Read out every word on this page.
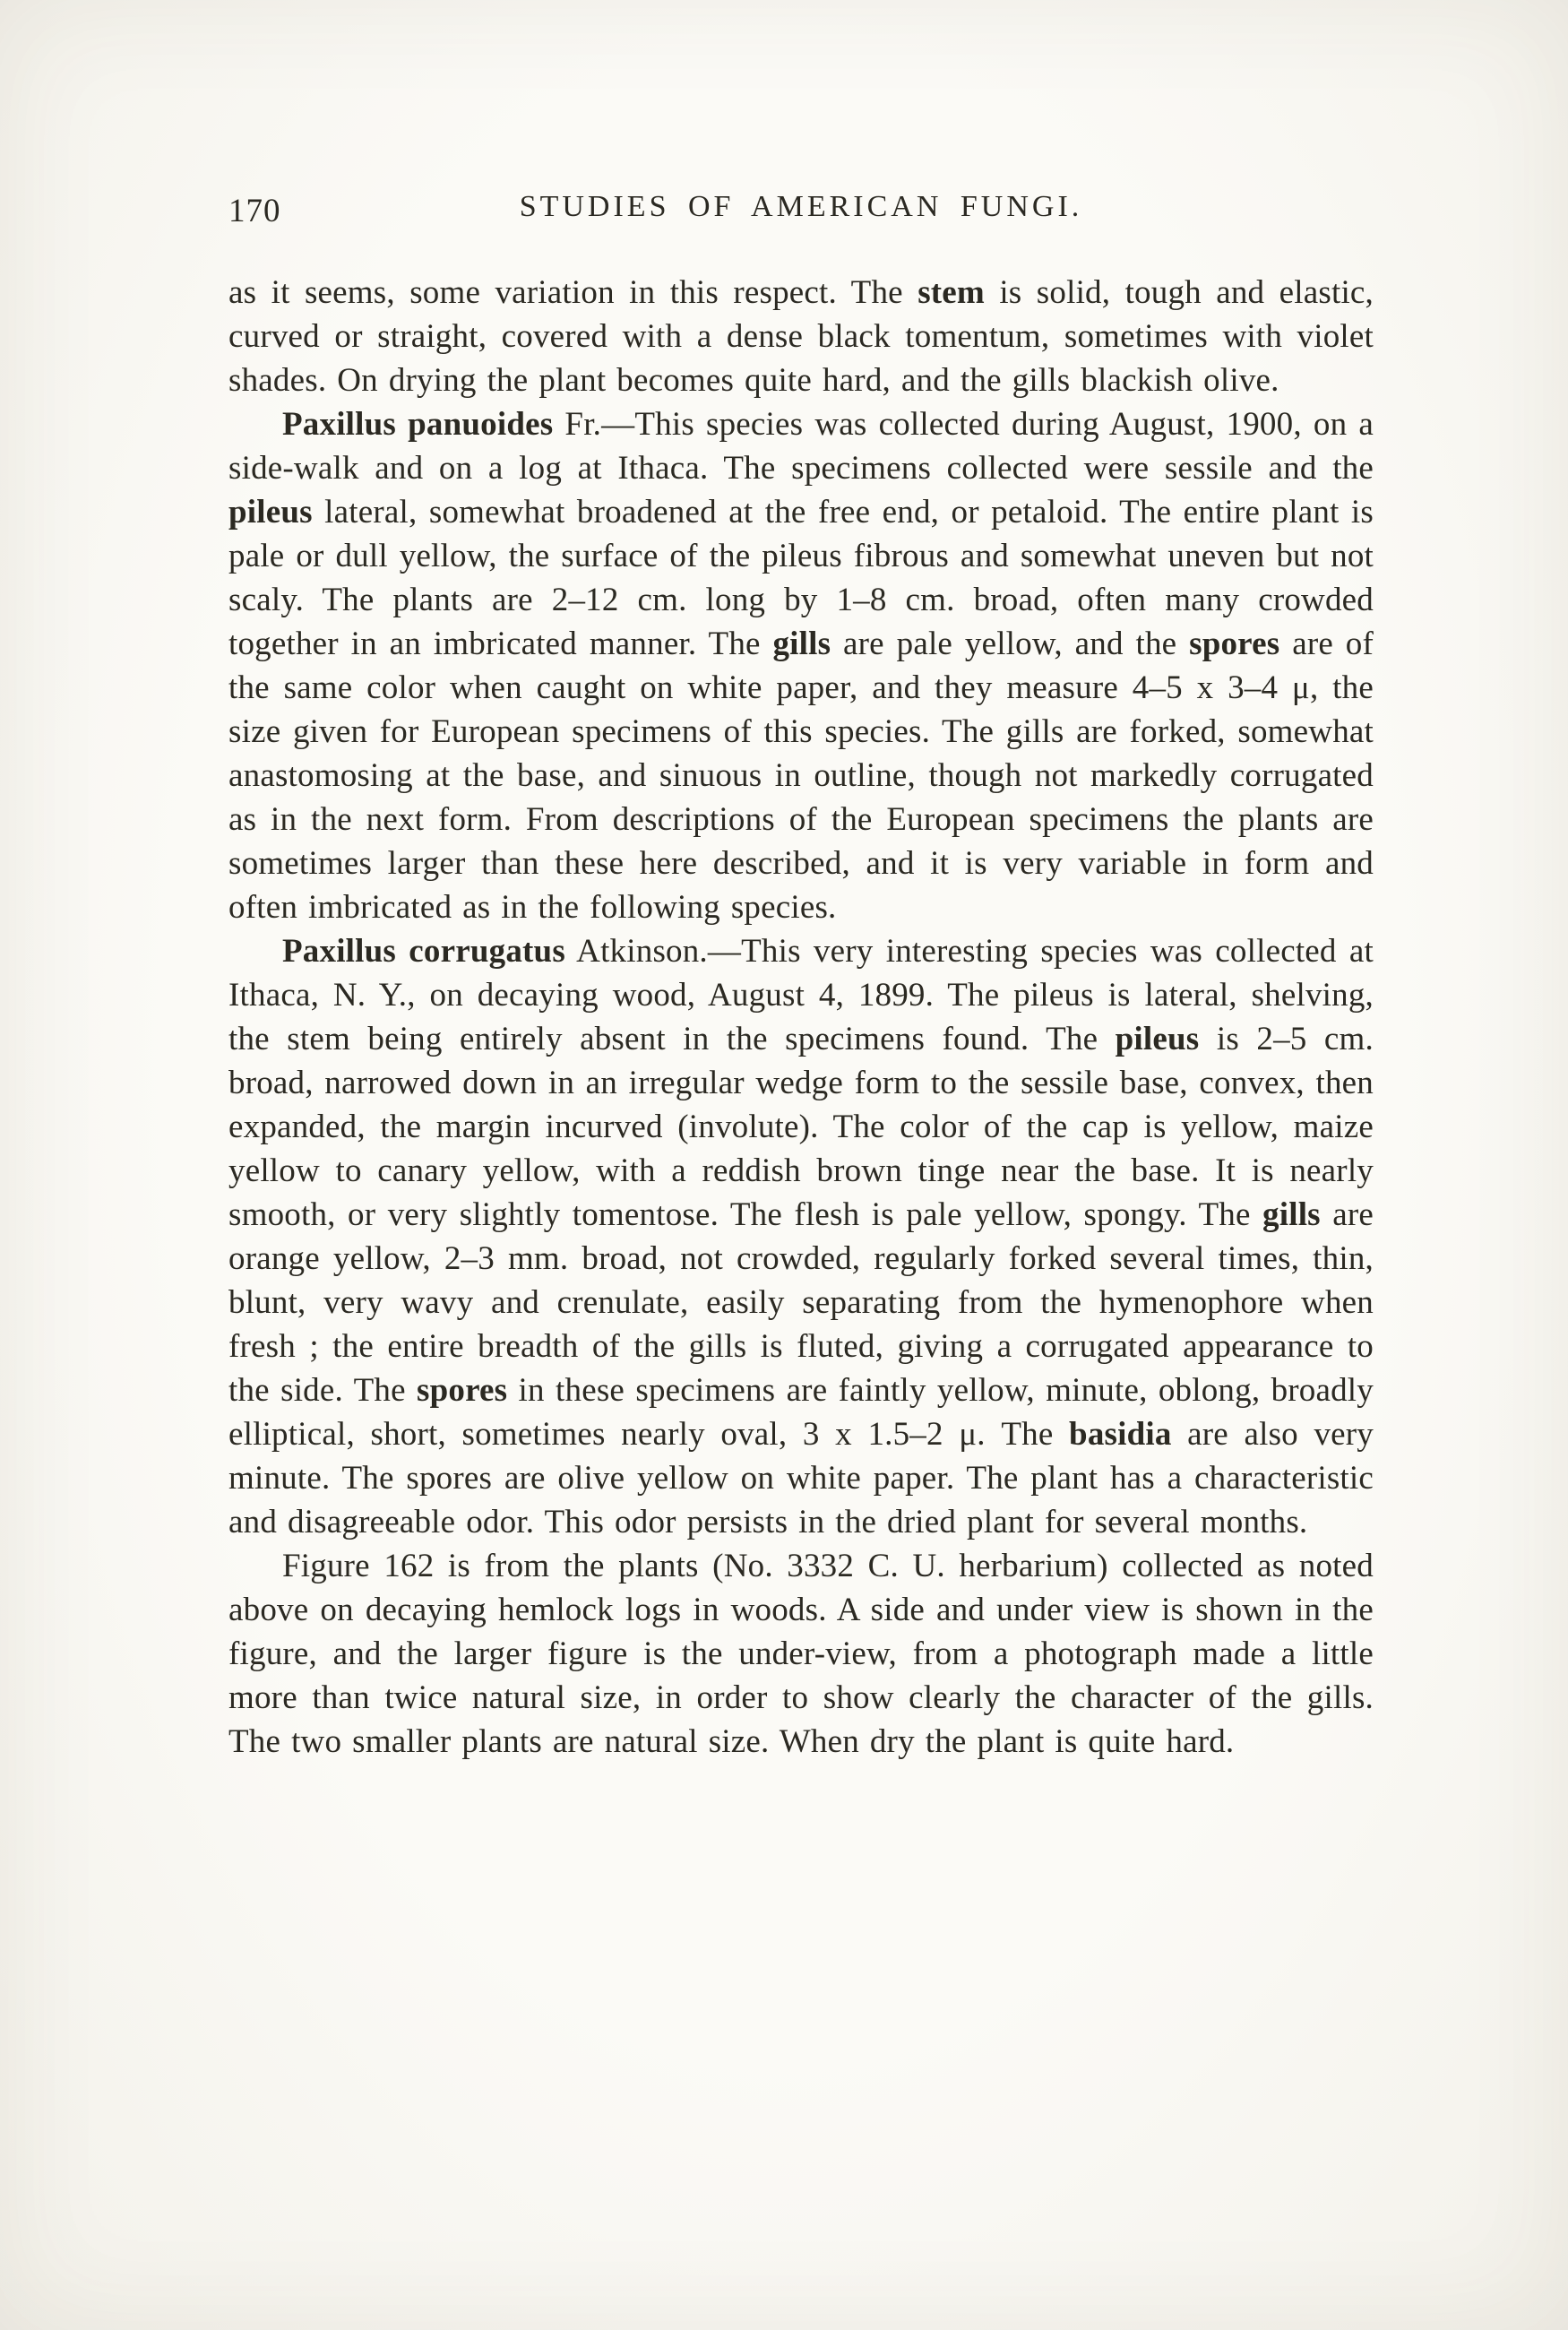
170	STUDIES OF AMERICAN FUNGI.

as it seems, some variation in this respect. The stem is solid, tough and elastic, curved or straight, covered with a dense black tomentum, sometimes with violet shades. On drying the plant becomes quite hard, and the gills blackish olive.

Paxillus panuoides Fr.—This species was collected during August, 1900, on a side-walk and on a log at Ithaca. The specimens collected were sessile and the pileus lateral, somewhat broadened at the free end, or petaloid. The entire plant is pale or dull yellow, the surface of the pileus fibrous and somewhat uneven but not scaly. The plants are 2–12 cm. long by 1–8 cm. broad, often many crowded together in an imbricated manner. The gills are pale yellow, and the spores are of the same color when caught on white paper, and they measure 4–5 x 3–4 μ, the size given for European specimens of this species. The gills are forked, somewhat anastomosing at the base, and sinuous in outline, though not markedly corrugated as in the next form. From descriptions of the European specimens the plants are sometimes larger than these here described, and it is very variable in form and often imbricated as in the following species.

Paxillus corrugatus Atkinson.—This very interesting species was collected at Ithaca, N. Y., on decaying wood, August 4, 1899. The pileus is lateral, shelving, the stem being entirely absent in the specimens found. The pileus is 2–5 cm. broad, narrowed down in an irregular wedge form to the sessile base, convex, then expanded, the margin incurved (involute). The color of the cap is yellow, maize yellow to canary yellow, with a reddish brown tinge near the base. It is nearly smooth, or very slightly tomentose. The flesh is pale yellow, spongy. The gills are orange yellow, 2–3 mm. broad, not crowded, regularly forked several times, thin, blunt, very wavy and crenulate, easily separating from the hymenophore when fresh ; the entire breadth of the gills is fluted, giving a corrugated appearance to the side. The spores in these specimens are faintly yellow, minute, oblong, broadly elliptical, short, sometimes nearly oval, 3 x 1.5–2 μ. The basidia are also very minute. The spores are olive yellow on white paper. The plant has a characteristic and disagreeable odor. This odor persists in the dried plant for several months.

Figure 162 is from the plants (No. 3332 C. U. herbarium) collected as noted above on decaying hemlock logs in woods. A side and under view is shown in the figure, and the larger figure is the under-view, from a photograph made a little more than twice natural size, in order to show clearly the character of the gills. The two smaller plants are natural size. When dry the plant is quite hard.
